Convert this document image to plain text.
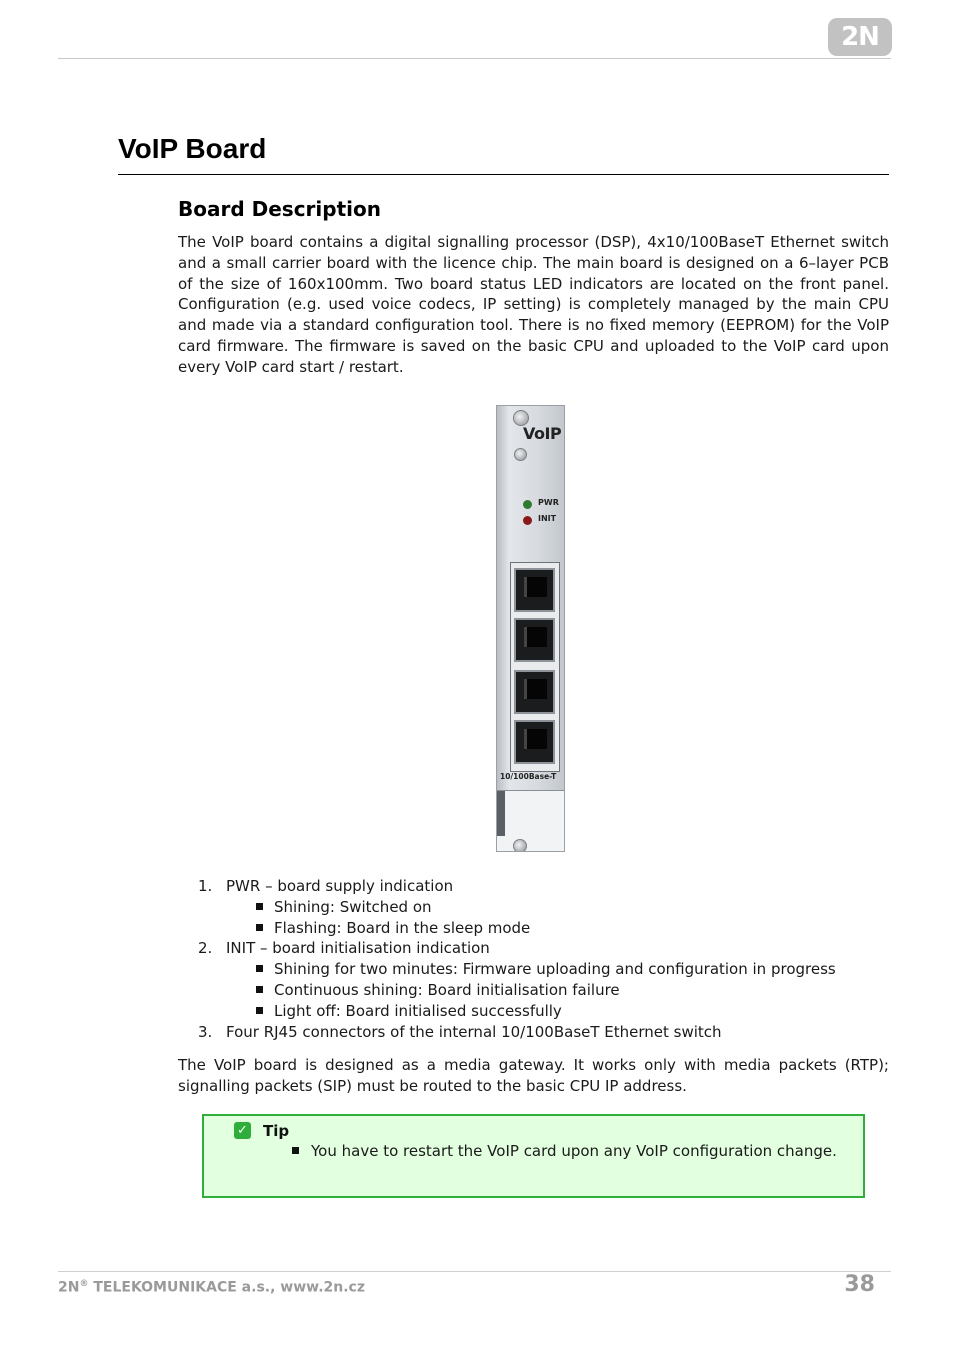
2N
VoIP Board
Board Description

The VoIP board contains a digital signalling processor (DSP), 4x10/100BaseT Ethernet switch and a small carrier board with the licence chip. The main board is designed on a 6–layer PCB of the size of 160x100mm. Two board status LED indicators are located on the front panel. Configuration (e.g. used voice codecs, IP setting) is completely managed by the main CPU and made via a standard configuration tool. There is no fixed memory (EEPROM) for the VoIP card firmware. The firmware is saved on the basic CPU and uploaded to the VoIP card upon every VoIP card start / restart.

VoIP
PWR
INIT
10/100Base-T
1. PWR – board supply indication
Shining: Switched on
Flashing: Board in the sleep mode
2. INIT – board initialisation indication
Shining for two minutes: Firmware uploading and configuration in progress
Continuous shining: Board initialisation failure
Light off: Board initialised successfully
3. Four RJ45 connectors of the internal 10/100BaseT Ethernet switch

The VoIP board is designed as a media gateway. It works only with media packets (RTP); signalling packets (SIP) must be routed to the basic CPU IP address.

✓ Tip
You have to restart the VoIP card upon any VoIP configuration change.
2N® TELEKOMUNIKACE a.s., www.2n.cz	38
